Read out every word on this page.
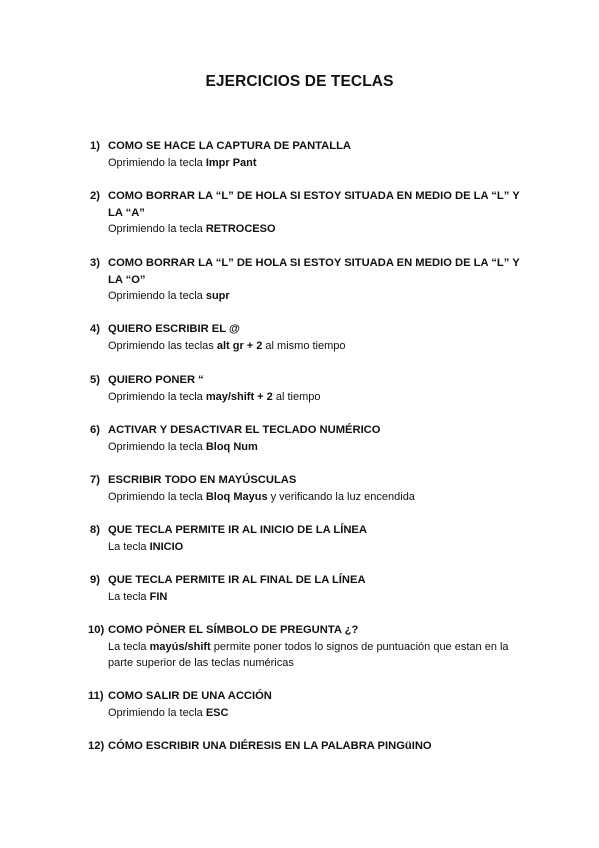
EJERCICIOS DE TECLAS
1) COMO SE HACE LA CAPTURA DE PANTALLA
Oprimiendo la tecla Impr Pant
2) COMO BORRAR LA “L” DE HOLA SI ESTOY SITUADA EN MEDIO DE LA “L” Y LA “A”
Oprimiendo la tecla RETROCESO
3) COMO BORRAR LA “L” DE HOLA SI ESTOY SITUADA EN MEDIO DE LA “L” Y LA “O”
Oprimiendo la tecla supr
4) QUIERO ESCRIBIR EL @
Oprimiendo las teclas alt gr + 2 al mismo tiempo
5) QUIERO PONER “
Oprimiendo la tecla may/shift + 2 al tiempo
6) ACTIVAR Y DESACTIVAR EL TECLADO NUMÉRICO
Oprimiendo la tecla Bloq Num
7) ESCRIBIR TODO EN MAYÚSCULAS
Oprimiendo la tecla Bloq Mayus y verificando la luz encendida
8) QUE TECLA PERMITE IR AL INICIO DE LA LÍNEA
La tecla INICIO
9) QUE TECLA PERMITE IR AL FINAL DE LA LÍNEA
La tecla FIN
10) COMO PÒNER EL SÍMBOLO DE PREGUNTA ¿?
La tecla mayús/shift permite poner todos lo signos de puntuación que estan en la parte superior de las teclas numéricas
11) COMO SALIR DE UNA ACCIÓN
Oprimiendo la tecla ESC
12) CÓMO ESCRIBIR UNA DIÉRESIS EN LA PALABRA PINGüINO
